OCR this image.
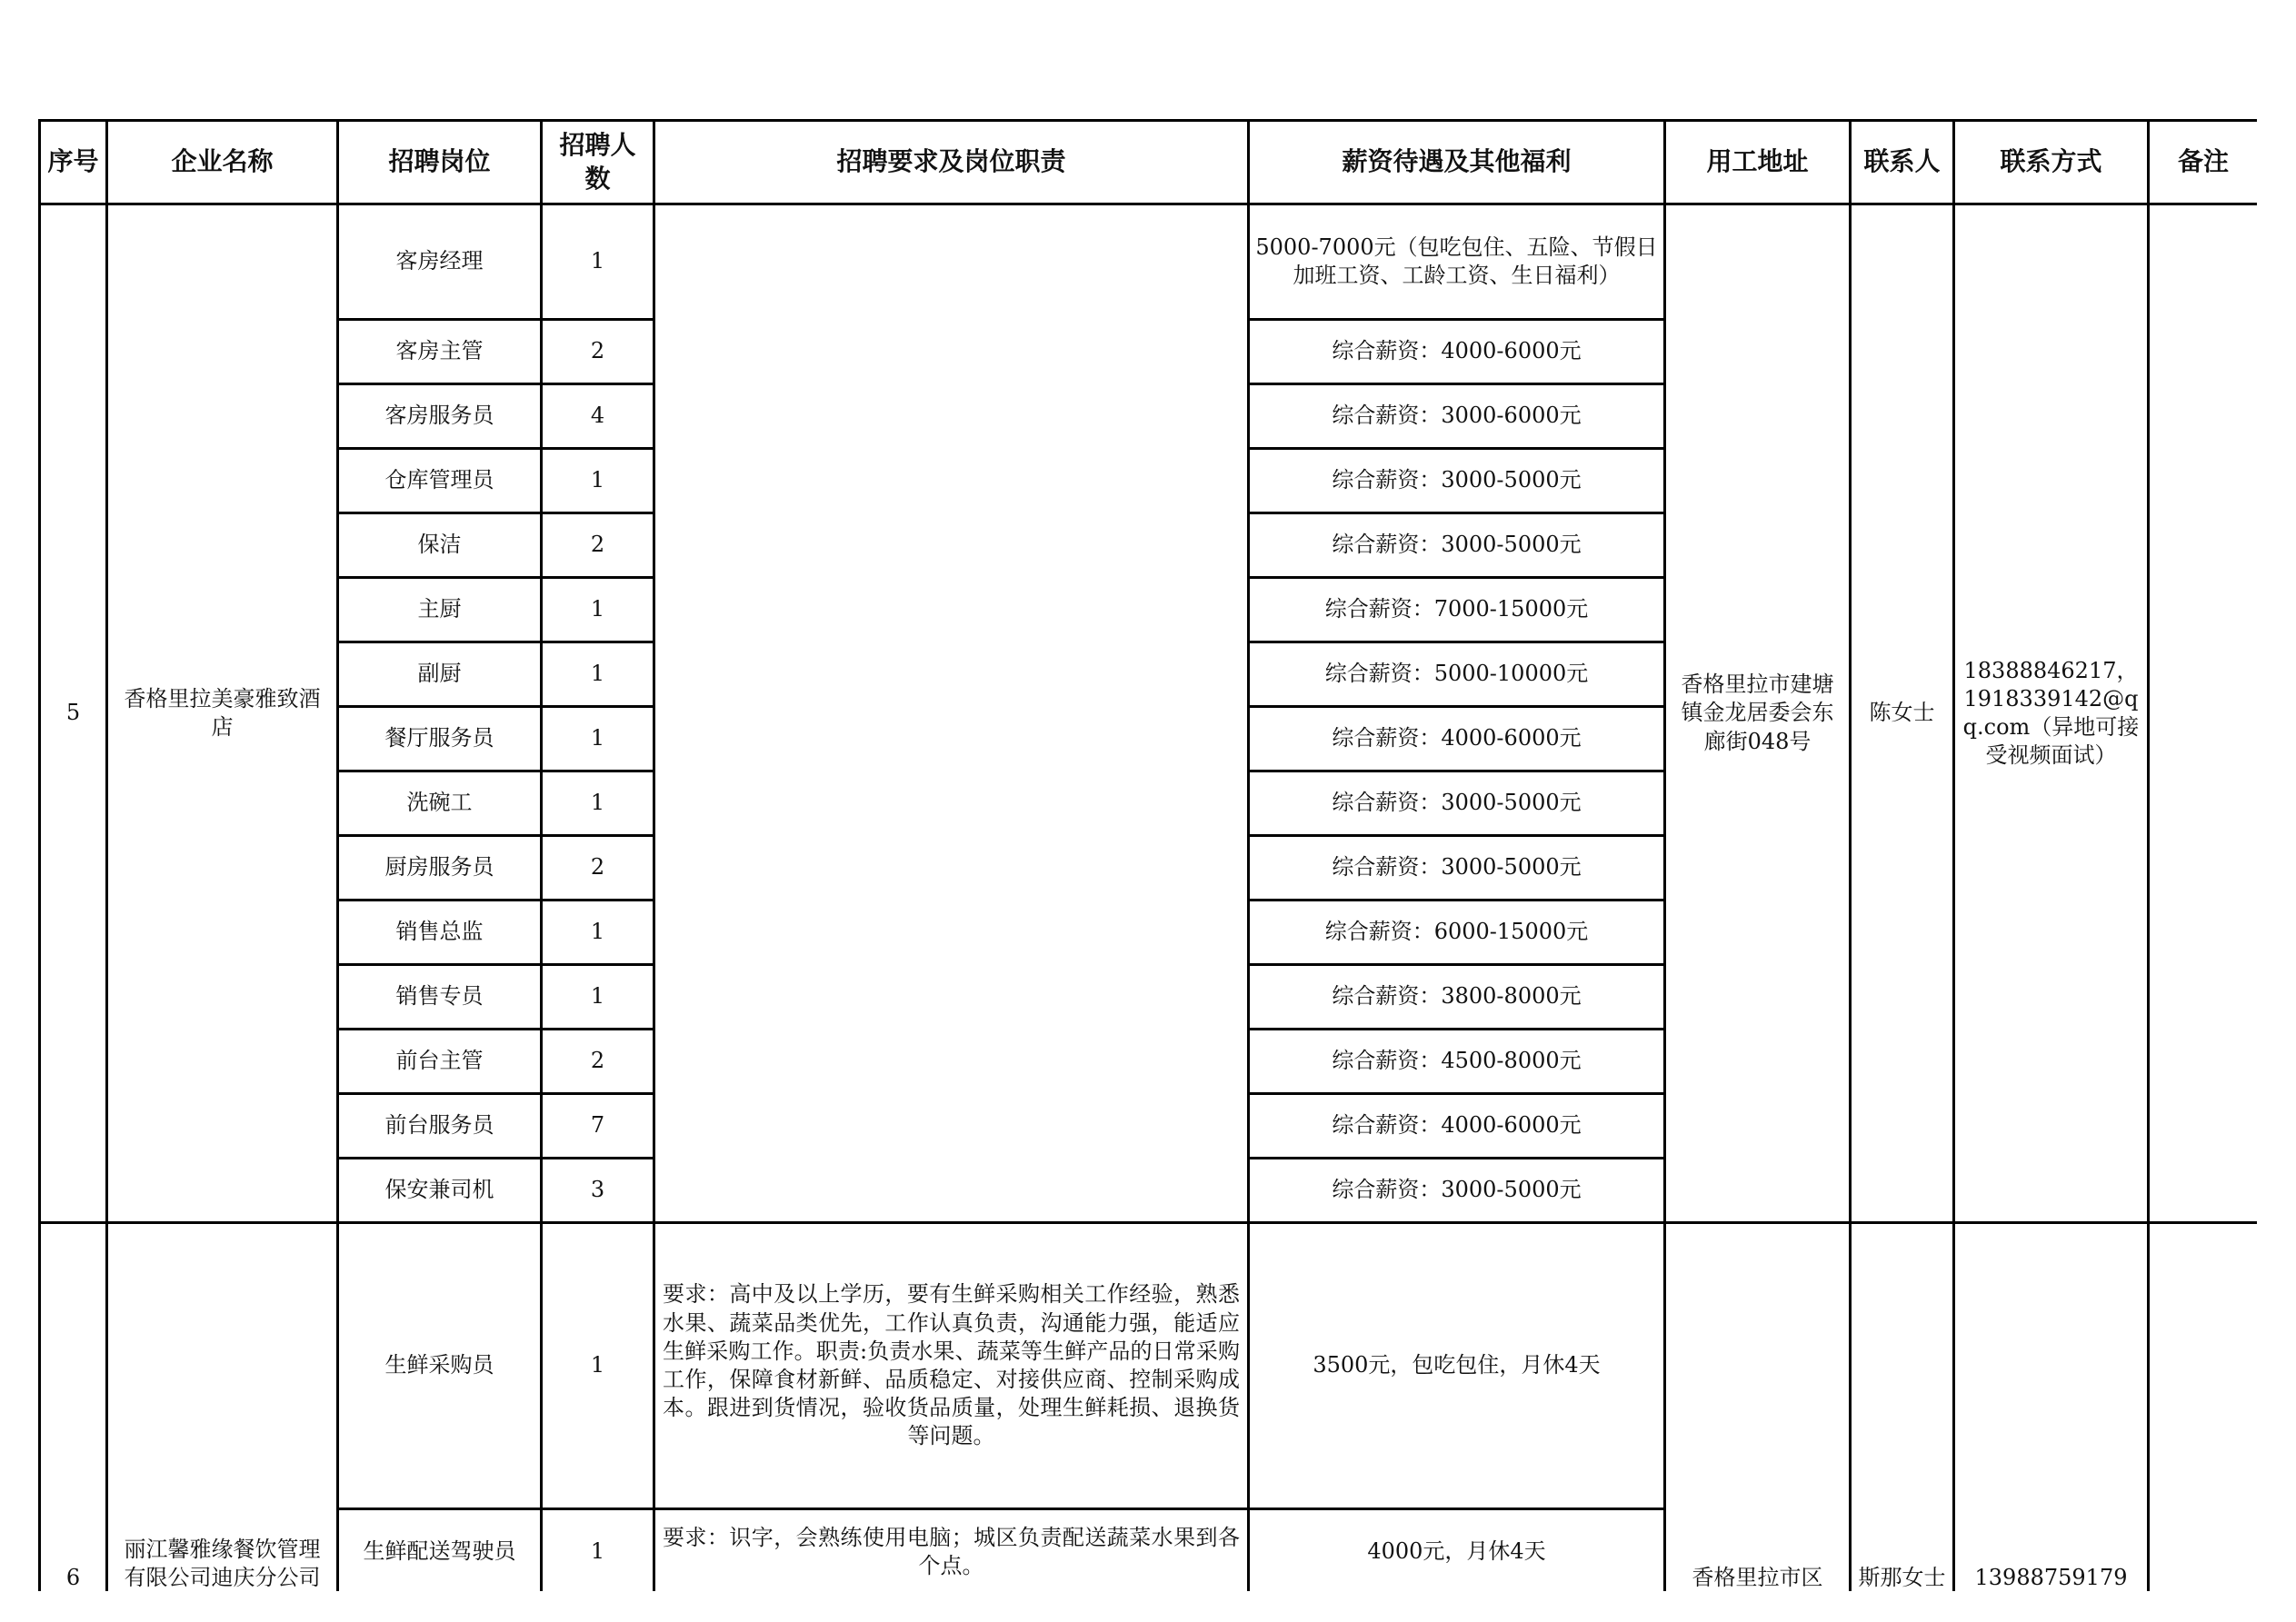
序号	企业名称	招聘岗位	招聘人数	招聘要求及岗位职责	薪资待遇及其他福利	用工地址	联系人	联系方式	备注
5	香格里拉美豪雅致酒店	客房经理	1		5000-7000元（包吃包住、五险、节假日加班工资、工龄工资、生日福利）	香格里拉市建塘镇金龙居委会东廊街048号	陈女士	18388846217，1918339142@qq.com（异地可接受视频面试）	
		客房主管	2		综合薪资：4000-6000元				
		客房服务员	4		综合薪资：3000-6000元				
		仓库管理员	1		综合薪资：3000-5000元				
		保洁	2		综合薪资：3000-5000元				
		主厨	1		综合薪资：7000-15000元				
		副厨	1		综合薪资：5000-10000元				
		餐厅服务员	1		综合薪资：4000-6000元				
		洗碗工	1		综合薪资：3000-5000元				
		厨房服务员	2		综合薪资：3000-5000元				
		销售总监	1		综合薪资：6000-15000元				
		销售专员	1		综合薪资：3800-8000元				
		前台主管	2		综合薪资：4500-8000元				
		前台服务员	7		综合薪资：4000-6000元				
		保安兼司机	3		综合薪资：3000-5000元				
6	丽江馨雅缘餐饮管理有限公司迪庆分公司	生鲜采购员	1	要求：高中及以上学历，要有生鲜采购相关工作经验，熟悉水果、蔬菜品类优先，工作认真负责，沟通能力强，能适应生鲜采购工作。职责:负责水果、蔬菜等生鲜产品的日常采购工作，保障食材新鲜、品质稳定、对接供应商、控制采购成本。跟进到货情况，验收货品质量，处理生鲜耗损、退换货等问题。	3500元，包吃包住，月休4天	香格里拉市区	斯那女士	13988759179	
		生鲜配送驾驶员	1	要求：识字，会熟练使用电脑；城区负责配送蔬菜水果到各个点。	4000元，月休4天				
